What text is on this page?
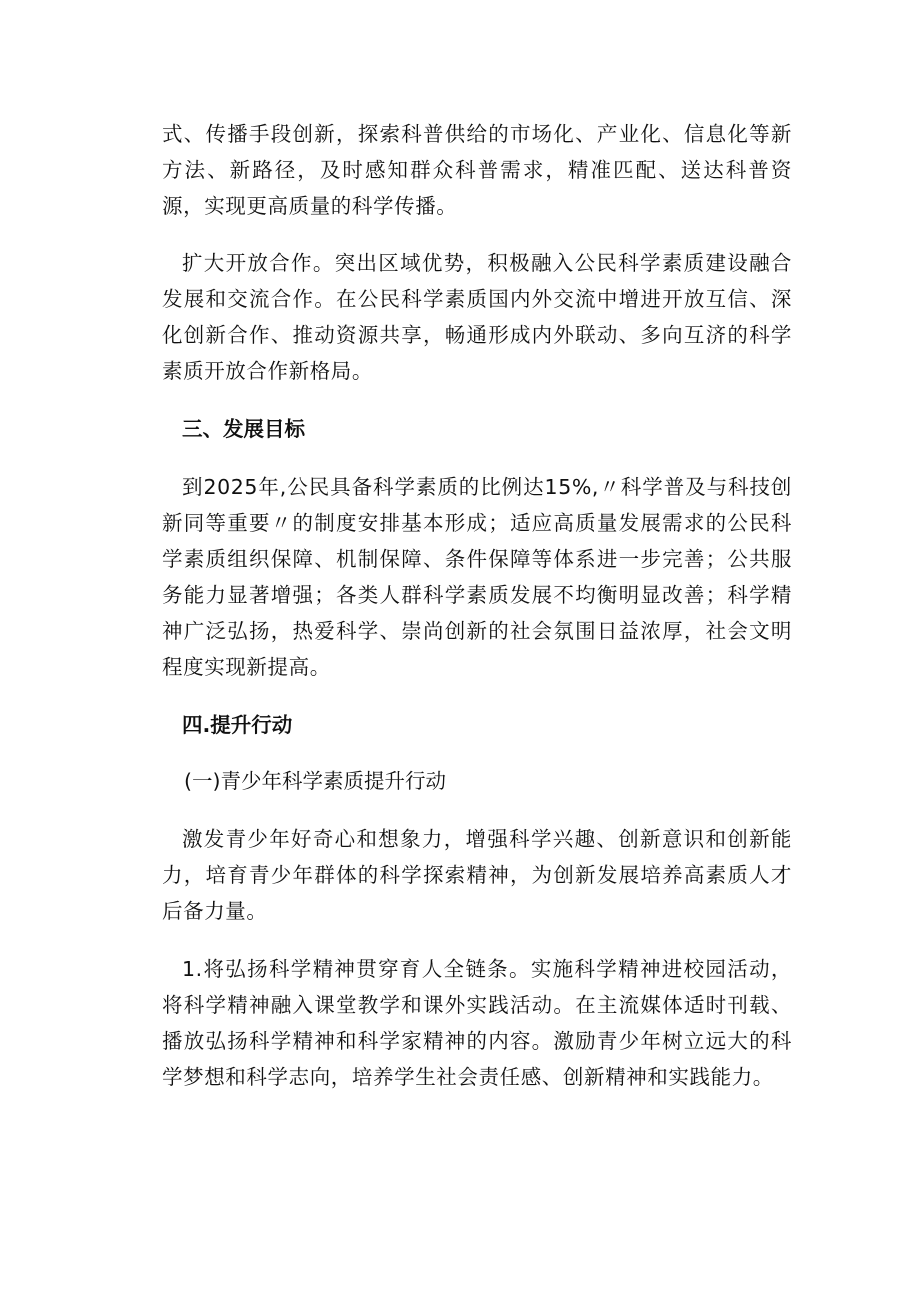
式、传播手段创新，探索科普供给的市场化、产业化、信息化等新方法、新路径，及时感知群众科普需求，精准匹配、送达科普资源，实现更高质量的科学传播。

扩大开放合作。突出区域优势，积极融入公民科学素质建设融合发展和交流合作。在公民科学素质国内外交流中增进开放互信、深化创新合作、推动资源共享，畅通形成内外联动、多向互济的科学素质开放合作新格局。

三、发展目标

到2025年,公民具备科学素质的比例达15%,〃科学普及与科技创新同等重要〃的制度安排基本形成；适应高质量发展需求的公民科学素质组织保障、机制保障、条件保障等体系进一步完善；公共服务能力显著增强；各类人群科学素质发展不均衡明显改善；科学精神广泛弘扬，热爱科学、崇尚创新的社会氛围日益浓厚，社会文明程度实现新提高。

四.提升行动

(一)青少年科学素质提升行动

激发青少年好奇心和想象力，增强科学兴趣、创新意识和创新能力，培育青少年群体的科学探索精神，为创新发展培养高素质人才后备力量。

1.将弘扬科学精神贯穿育人全链条。实施科学精神进校园活动，将科学精神融入课堂教学和课外实践活动。在主流媒体适时刊载、播放弘扬科学精神和科学家精神的内容。激励青少年树立远大的科学梦想和科学志向，培养学生社会责任感、创新精神和实践能力。
